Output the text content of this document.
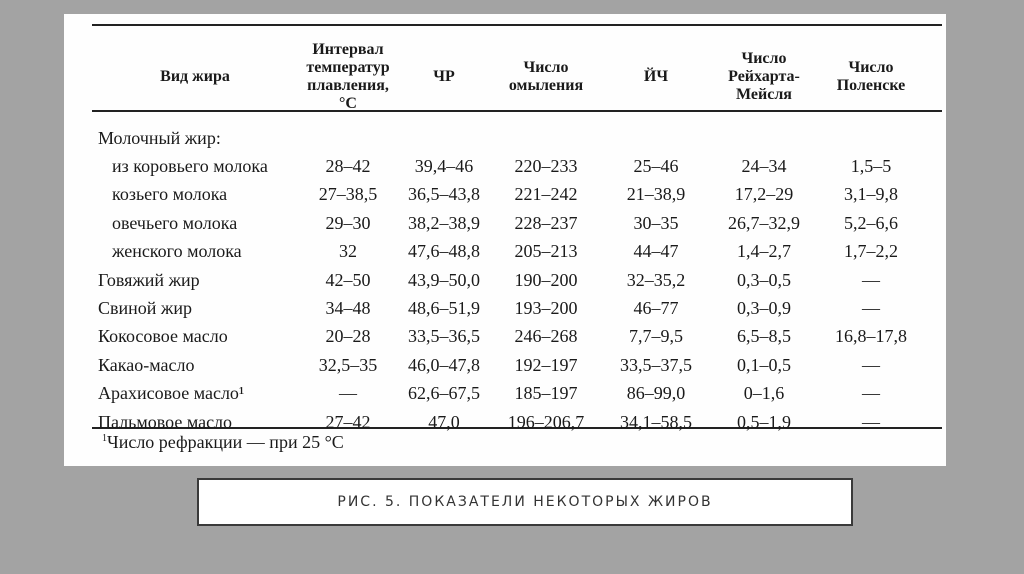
Вид жира	Интервал температур плавления, °C	ЧР	Число омыления	ЙЧ	Число Рейхарта-Мейсля	Число Поленске
Молочный жир:						
из коровьего молока	28–42	39,4–46	220–233	25–46	24–34	1,5–5
козьего молока	27–38,5	36,5–43,8	221–242	21–38,9	17,2–29	3,1–9,8
овечьего молока	29–30	38,2–38,9	228–237	30–35	26,7–32,9	5,2–6,6
женского молока	32	47,6–48,8	205–213	44–47	1,4–2,7	1,7–2,2
Говяжий жир	42–50	43,9–50,0	190–200	32–35,2	0,3–0,5	—
Свиной жир	34–48	48,6–51,9	193–200	46–77	0,3–0,9	—
Кокосовое масло	20–28	33,5–36,5	246–268	7,7–9,5	6,5–8,5	16,8–17,8
Какао-масло	32,5–35	46,0–47,8	192–197	33,5–37,5	0,1–0,5	—
Арахисовое масло¹	—	62,6–67,5	185–197	86–99,0	0–1,6	—
Пальмовое масло	27–42	47,0	196–206,7	34,1–58,5	0,5–1,9	—
$^1$Число рефракции — при 25 °C
РИС. 5. ПОКАЗАТЕЛИ НЕКОТОРЫХ ЖИРОВ
